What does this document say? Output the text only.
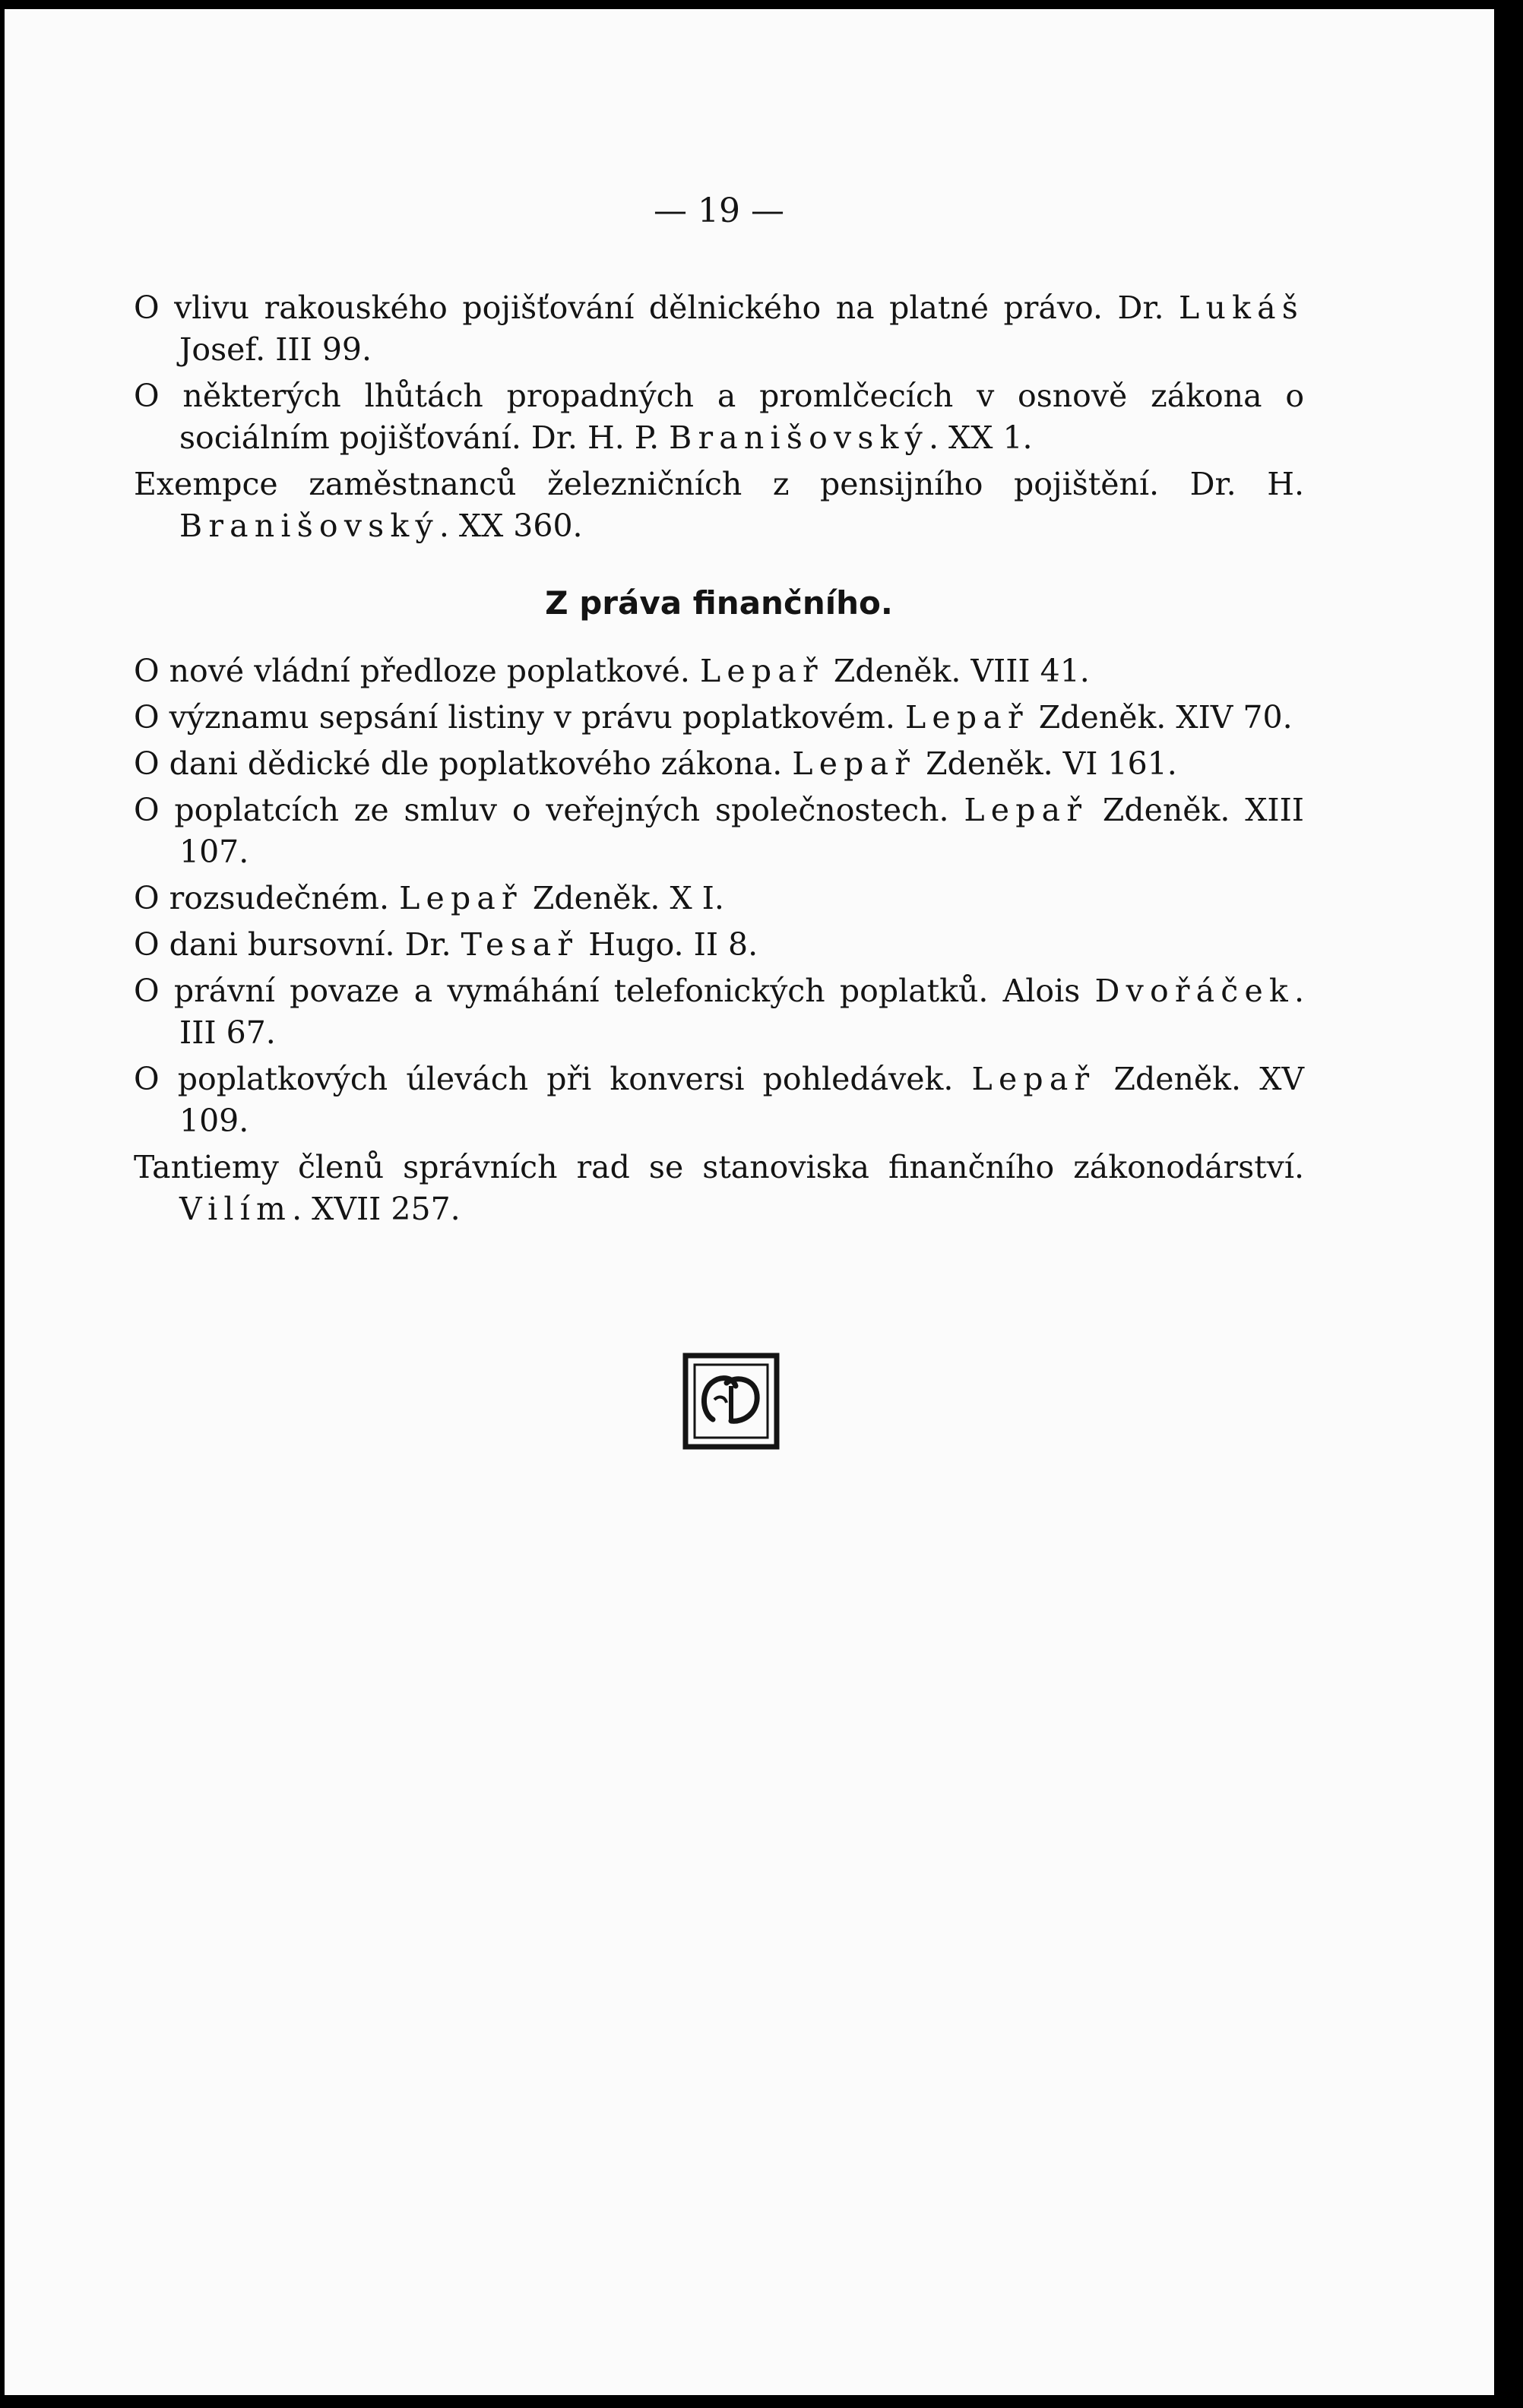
— 19 —

O vlivu rakouského pojišťování dělnického na platné právo. Dr. Lukáš Josef. III 99.

O některých lhůtách propadných a promlčecích v osnově zákona o sociálním pojišťování. Dr. H. P. Branišovský. XX 1.

Exempce zaměstnanců železničních z pensijního pojištění. Dr. H. Branišovský. XX 360.

Z práva finančního.

O nové vládní předloze poplatkové. Lepař Zdeněk. VIII 41.

O významu sepsání listiny v právu poplatkovém. Lepař Zdeněk. XIV 70.

O dani dědické dle poplatkového zákona. Lepař Zdeněk. VI 161.

O poplatcích ze smluv o veřejných společnostech. Lepař Zdeněk. XIII 107.

O rozsudečném. Lepař Zdeněk. X I.

O dani bursovní. Dr. Tesař Hugo. II 8.

O právní povaze a vymáhání telefonických poplatků. Alois Dvořáček. III 67.

O poplatkových úlevách při konversi pohledávek. Lepař Zdeněk. XV 109.

Tantiemy členů správních rad se stanoviska finančního zákonodárství. Vilím. XVII 257.
